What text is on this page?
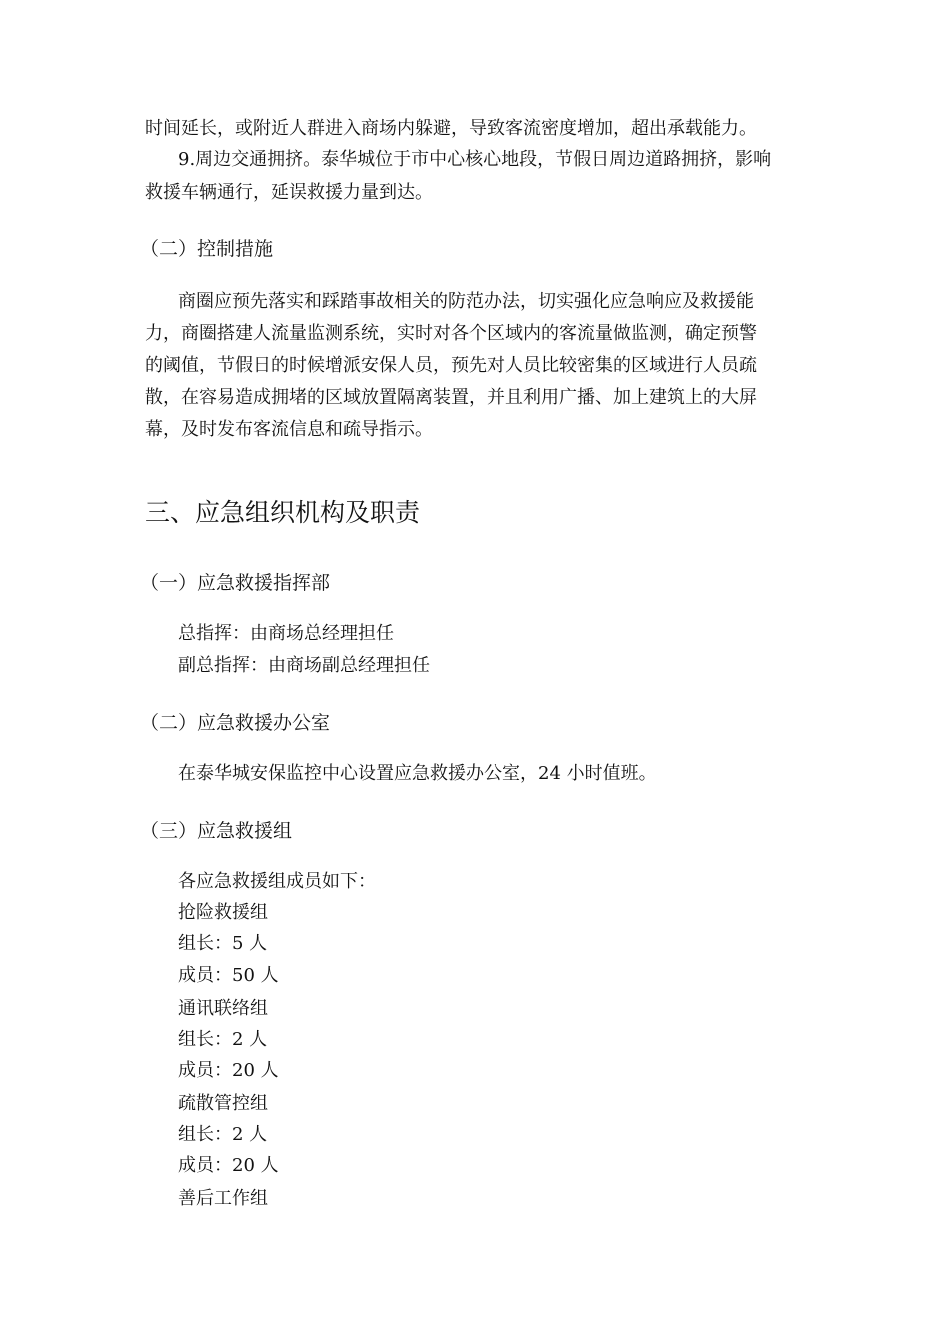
时间延长，或附近人群进入商场内躲避，导致客流密度增加，超出承载能力。

9.周边交通拥挤。泰华城位于市中心核心地段，节假日周边道路拥挤，影响

救援车辆通行，延误救援力量到达。

（二）控制措施

商圈应预先落实和踩踏事故相关的防范办法，切实强化应急响应及救援能

力，商圈搭建人流量监测系统，实时对各个区域内的客流量做监测，确定预警

的阈值，节假日的时候增派安保人员，预先对人员比较密集的区域进行人员疏

散，在容易造成拥堵的区域放置隔离装置，并且利用广播、加上建筑上的大屏

幕，及时发布客流信息和疏导指示。

三、应急组织机构及职责
（一）应急救援指挥部

总指挥：由商场总经理担任

副总指挥：由商场副总经理担任

（二）应急救援办公室

在泰华城安保监控中心设置应急救援办公室，24 小时值班。

（三）应急救援组

各应急救援组成员如下：

抢险救援组

组长：5 人

成员：50 人

通讯联络组

组长：2 人

成员：20 人

疏散管控组

组长：2 人

成员：20 人

善后工作组
